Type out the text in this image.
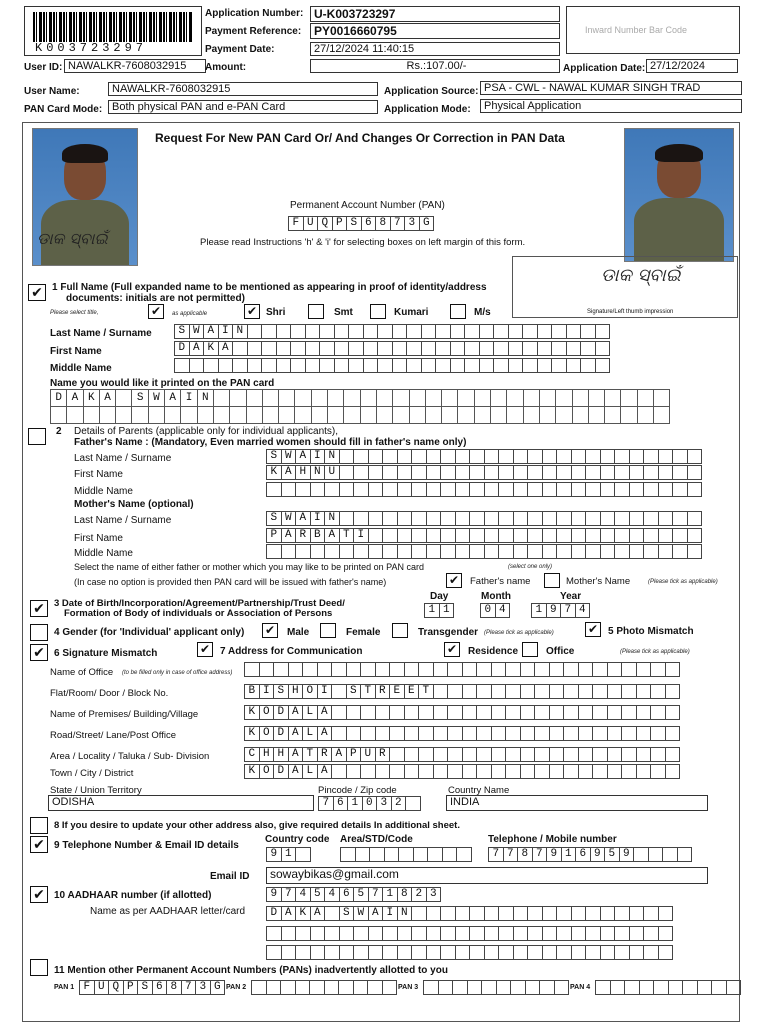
K003723297
Application Number: U-K003723297
Payment Reference:	PY0016660795
Payment Date:	27/12/2024 11:40:15
Inward Number Bar Code
User ID: NAWALKR-7608032915	Amount:	Rs.:107.00/-	Application Date: 27/12/2024
User Name:	NAWALKR-7608032915	Application Source: PSA - CWL - NAWAL KUMAR SINGH TRAD
PAN Card Mode: Both physical PAN and e-PAN Card	Application Mode:	Physical Application
Request For New PAN Card Or/ And Changes Or Correction in PAN Data
ଡାକ ସ୍ବାଇଁ
Permanent Account Number (PAN)
F U Q P S 6 8 7 3 G
Please read Instructions 'h' & 'i' for selecting boxes on left margin of this form.
ଡାକ ସ୍ବାଇଁ
Signature/Left thumb impression
✔ 1 Full Name (Full expanded name to be mentioned as appearing in proof of identity/address
documents: initials are not permitted)
Please select title,	✔	as applicable	✔ Shri	Smt	Kumari	M/s
Last Name / Surname	S W A I N
First Name	D A K A
Middle Name
Name you would like it printed on the PAN card
D A K A	S W A I N
2 Details of Parents (applicable only for individual applicants),
Father's Name : (Mandatory, Even married women should fill in father's name only)
Last Name / Surname	S W A I N
First Name	K A H N U
Middle Name
Mother's Name (optional)
Last Name / Surname	S W A I N
First Name	P A R B A T I
Middle Name
Select the name of either father or mother which you may like to be printed on PAN card	(select one only)
(In case no option is provided then PAN card will be issued with father's name)	✔	Father's name	Mother's Name	(Please tick as applicable)
✔ 3 Date of Birth/Incorporation/Agreement/Partnership/Trust Deed/
Formation of Body of individuals or Association of Persons
Day	Month	Year
1 1	0 4	1 9 7 4
4 Gender (for 'Individual' applicant only) ✔ Male	Female	Transgender (Please tick as applicable)	✔ 5 Photo Mismatch
✔ 6 Signature Mismatch	✔ 7 Address for Communication	✔ Residence	Office	(Please tick as applicable)
Name of Office (to be filled only in case of office address)
Flat/Room/ Door / Block No.	B I S H O I	S T R E E T
Name of Premises/ Building/Village	K O D A L A
Road/Street/ Lane/Post Office	K O D A L A
Area / Locality / Taluka / Sub- Division	C H H A T R A P U R
Town / City / District	K O D A L A
State / Union Territory
ODISHA
Pincode / Zip code
7 6 1 0 3 2
Country Name
INDIA
8 If you desire to update your other address also, give required details In additional sheet.
✔ 9 Telephone Number & Email ID details
Country code Area/STD/Code	Telephone / Mobile number
9 1	7 7 8 7 9 1 6 9 5 9
Email ID	sowaybikas@gmail.com
✔ 10 AADHAAR number (if allotted)	9 7 4 5 4 6 5 7 1 8 2 3
Name as per AADHAAR letter/card	D A K A	S W A I N
11 Mention other Permanent Account Numbers (PANs) inadvertently allotted to you
PAN 1 F U Q P S 6 8 7 3 G PAN 2	PAN 3	PAN 4
